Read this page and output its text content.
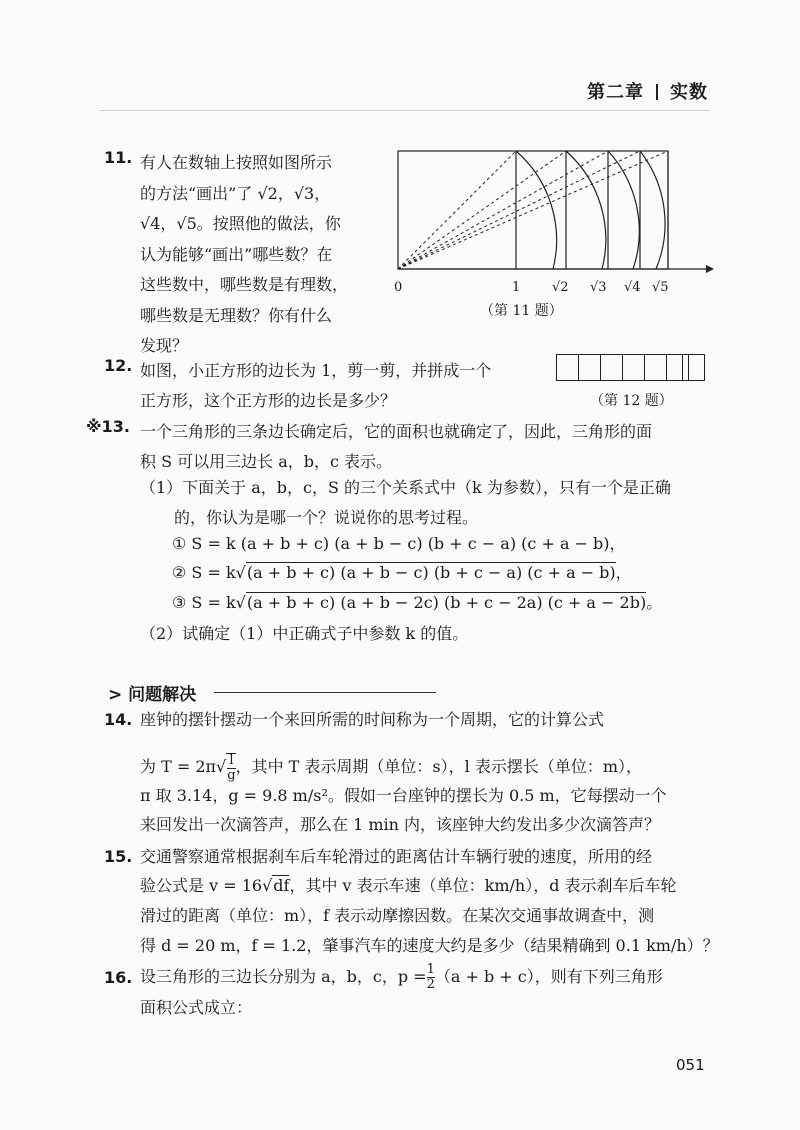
第二章 实数
11. 有人在数轴上按照如图所示
的方法“画出”了 √2，√3，
√4，√5。按照他的做法，你
认为能够“画出”哪些数？在
这些数中，哪些数是有理数，
哪些数是无理数？你有什么
发现？
0	1 √2 √3 √4 √5
（第 11 题）
12. 如图，小正方形的边长为 1，剪一剪，并拼成一个
正方形，这个正方形的边长是多少？	（第 12 题）
※13. 一个三角形的三条边长确定后，它的面积也就确定了，因此，三角形的面
积 S 可以用三边长 a，b，c 表示。
（1）下面关于 a，b，c，S 的三个关系式中（k 为参数），只有一个是正确
的，你认为是哪一个？说说你的思考过程。
① S = k (a + b + c) (a + b − c) (b + c − a) (c + a − b)，
② S = k√(a + b + c) (a + b − c) (b + c − a) (c + a − b)，
③ S = k√(a + b + c) (a + b − 2c) (b + c − 2a) (c + a − 2b)。
（2）试确定（1）中正确式子中参数 k 的值。
> 问题解决
14. 座钟的摆针摆动一个来回所需的时间称为一个周期，它的计算公式
为 $T = 2\pi√ \frac{l}{g}$ ，其中 T 表示周期（单位：s），l 表示摆长（单位：m），
π 取 3.14，g = 9.8 m/s²。假如一台座钟的摆长为 0.5 m，它每摆动一个
来回发出一次滴答声，那么在 1 min 内，该座钟大约发出多少次滴答声？
15. 交通警察通常根据刹车后车轮滑过的距离估计车辆行驶的速度，所用的经
验公式是 v = 16√df，其中 v 表示车速（单位：km/h），d 表示刹车后车轮
滑过的距离（单位：m），f 表示动摩擦因数。在某次交通事故调查中，测
得 d = 20 m，f = 1.2，肇事汽车的速度大约是多少（结果精确到 0.1 km/h）？
16. 设三角形的三边长分别为 a，b，c，$p = \frac{1}{2} (a + b + c)$，则有下列三角形
面积公式成立：
051
